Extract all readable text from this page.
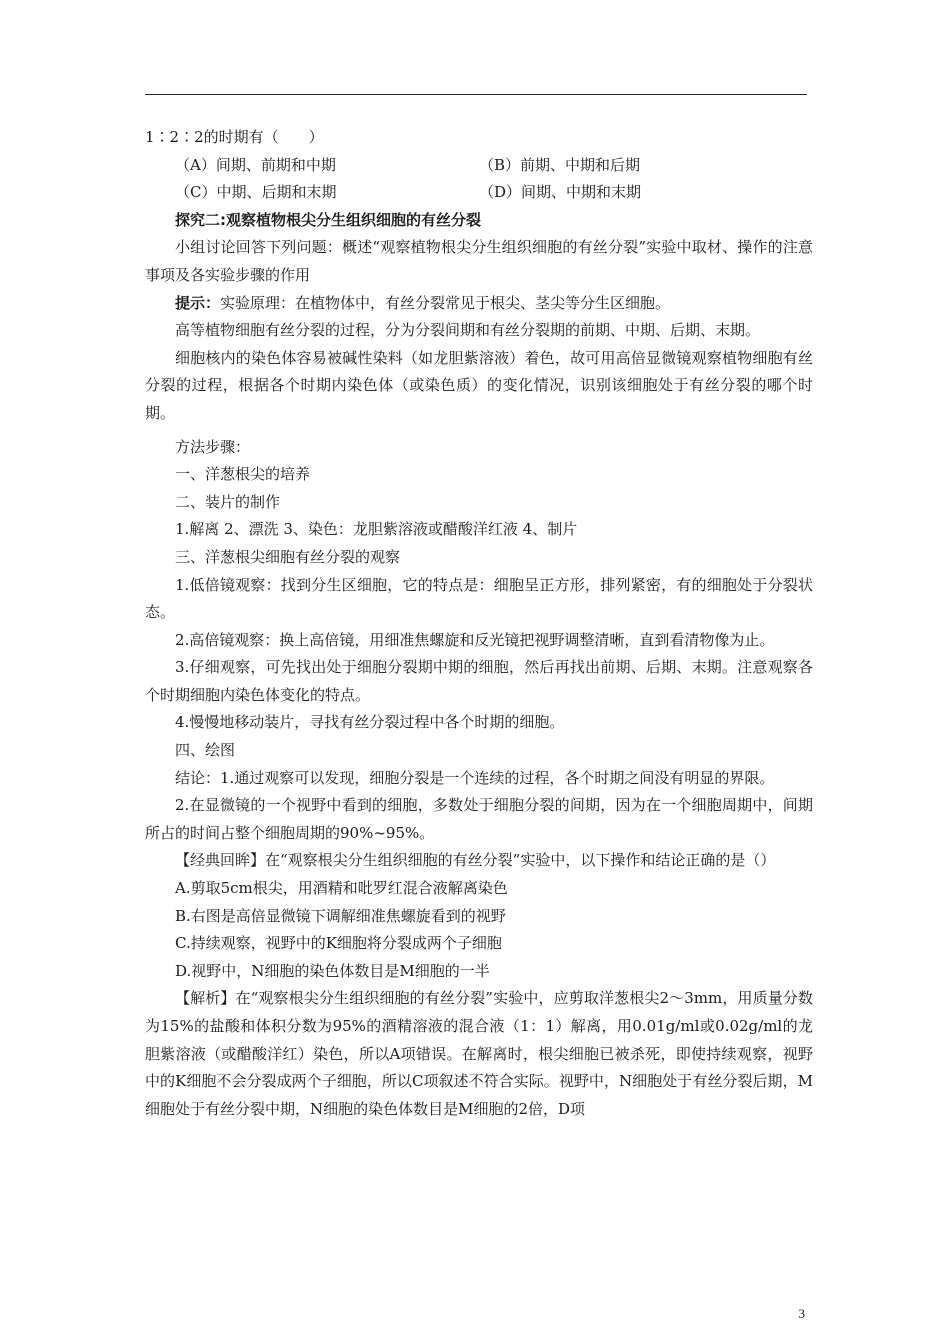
1∶2∶2的时期有（　　）

（A）间期、前期和中期	（B）前期、中期和后期
（C）中期、后期和末期	（D）间期、中期和末期

探究二:观察植物根尖分生组织细胞的有丝分裂

小组讨论回答下列问题：概述“观察植物根尖分生组织细胞的有丝分裂”实验中取材、操作的注意事项及各实验步骤的作用

提示：实验原理：在植物体中，有丝分裂常见于根尖、茎尖等分生区细胞。

高等植物细胞有丝分裂的过程，分为分裂间期和有丝分裂期的前期、中期、后期、末期。

细胞核内的染色体容易被碱性染料（如龙胆紫溶液）着色，故可用高倍显微镜观察植物细胞有丝分裂的过程，根据各个时期内染色体（或染色质）的变化情况，识别该细胞处于有丝分裂的哪个时期。

方法步骤：

一、洋葱根尖的培养

二、装片的制作

1.解离 2、漂洗 3、染色：龙胆紫溶液或醋酸洋红液 4、制片

三、洋葱根尖细胞有丝分裂的观察

1.低倍镜观察：找到分生区细胞，它的特点是：细胞呈正方形，排列紧密，有的细胞处于分裂状态。

2.高倍镜观察：换上高倍镜，用细准焦螺旋和反光镜把视野调整清晰，直到看清物像为止。

3.仔细观察，可先找出处于细胞分裂期中期的细胞，然后再找出前期、后期、末期。注意观察各个时期细胞内染色体变化的特点。

4.慢慢地移动装片，寻找有丝分裂过程中各个时期的细胞。

四、绘图

结论：1.通过观察可以发现，细胞分裂是一个连续的过程，各个时期之间没有明显的界限。

2.在显微镜的一个视野中看到的细胞，多数处于细胞分裂的间期，因为在一个细胞周期中，间期所占的时间占整个细胞周期的90%~95%。

【经典回眸】在“观察根尖分生组织细胞的有丝分裂”实验中，以下操作和结论正确的是（）

A.剪取5cm根尖，用酒精和吡罗红混合液解离染色

B.右图是高倍显微镜下调解细准焦螺旋看到的视野

C.持续观察，视野中的K细胞将分裂成两个子细胞

D.视野中，N细胞的染色体数目是M细胞的一半

【解析】在“观察根尖分生组织细胞的有丝分裂”实验中，应剪取洋葱根尖2～3mm，用质量分数为15%的盐酸和体积分数为95%的酒精溶液的混合液（1：1）解离，用0.01g/ml或0.02g/ml的龙胆紫溶液（或醋酸洋红）染色，所以A项错误。在解离时，根尖细胞已被杀死，即使持续观察，视野中的K细胞不会分裂成两个子细胞，所以C项叙述不符合实际。视野中，N细胞处于有丝分裂后期，M细胞处于有丝分裂中期，N细胞的染色体数目是M细胞的2倍，D项

3
